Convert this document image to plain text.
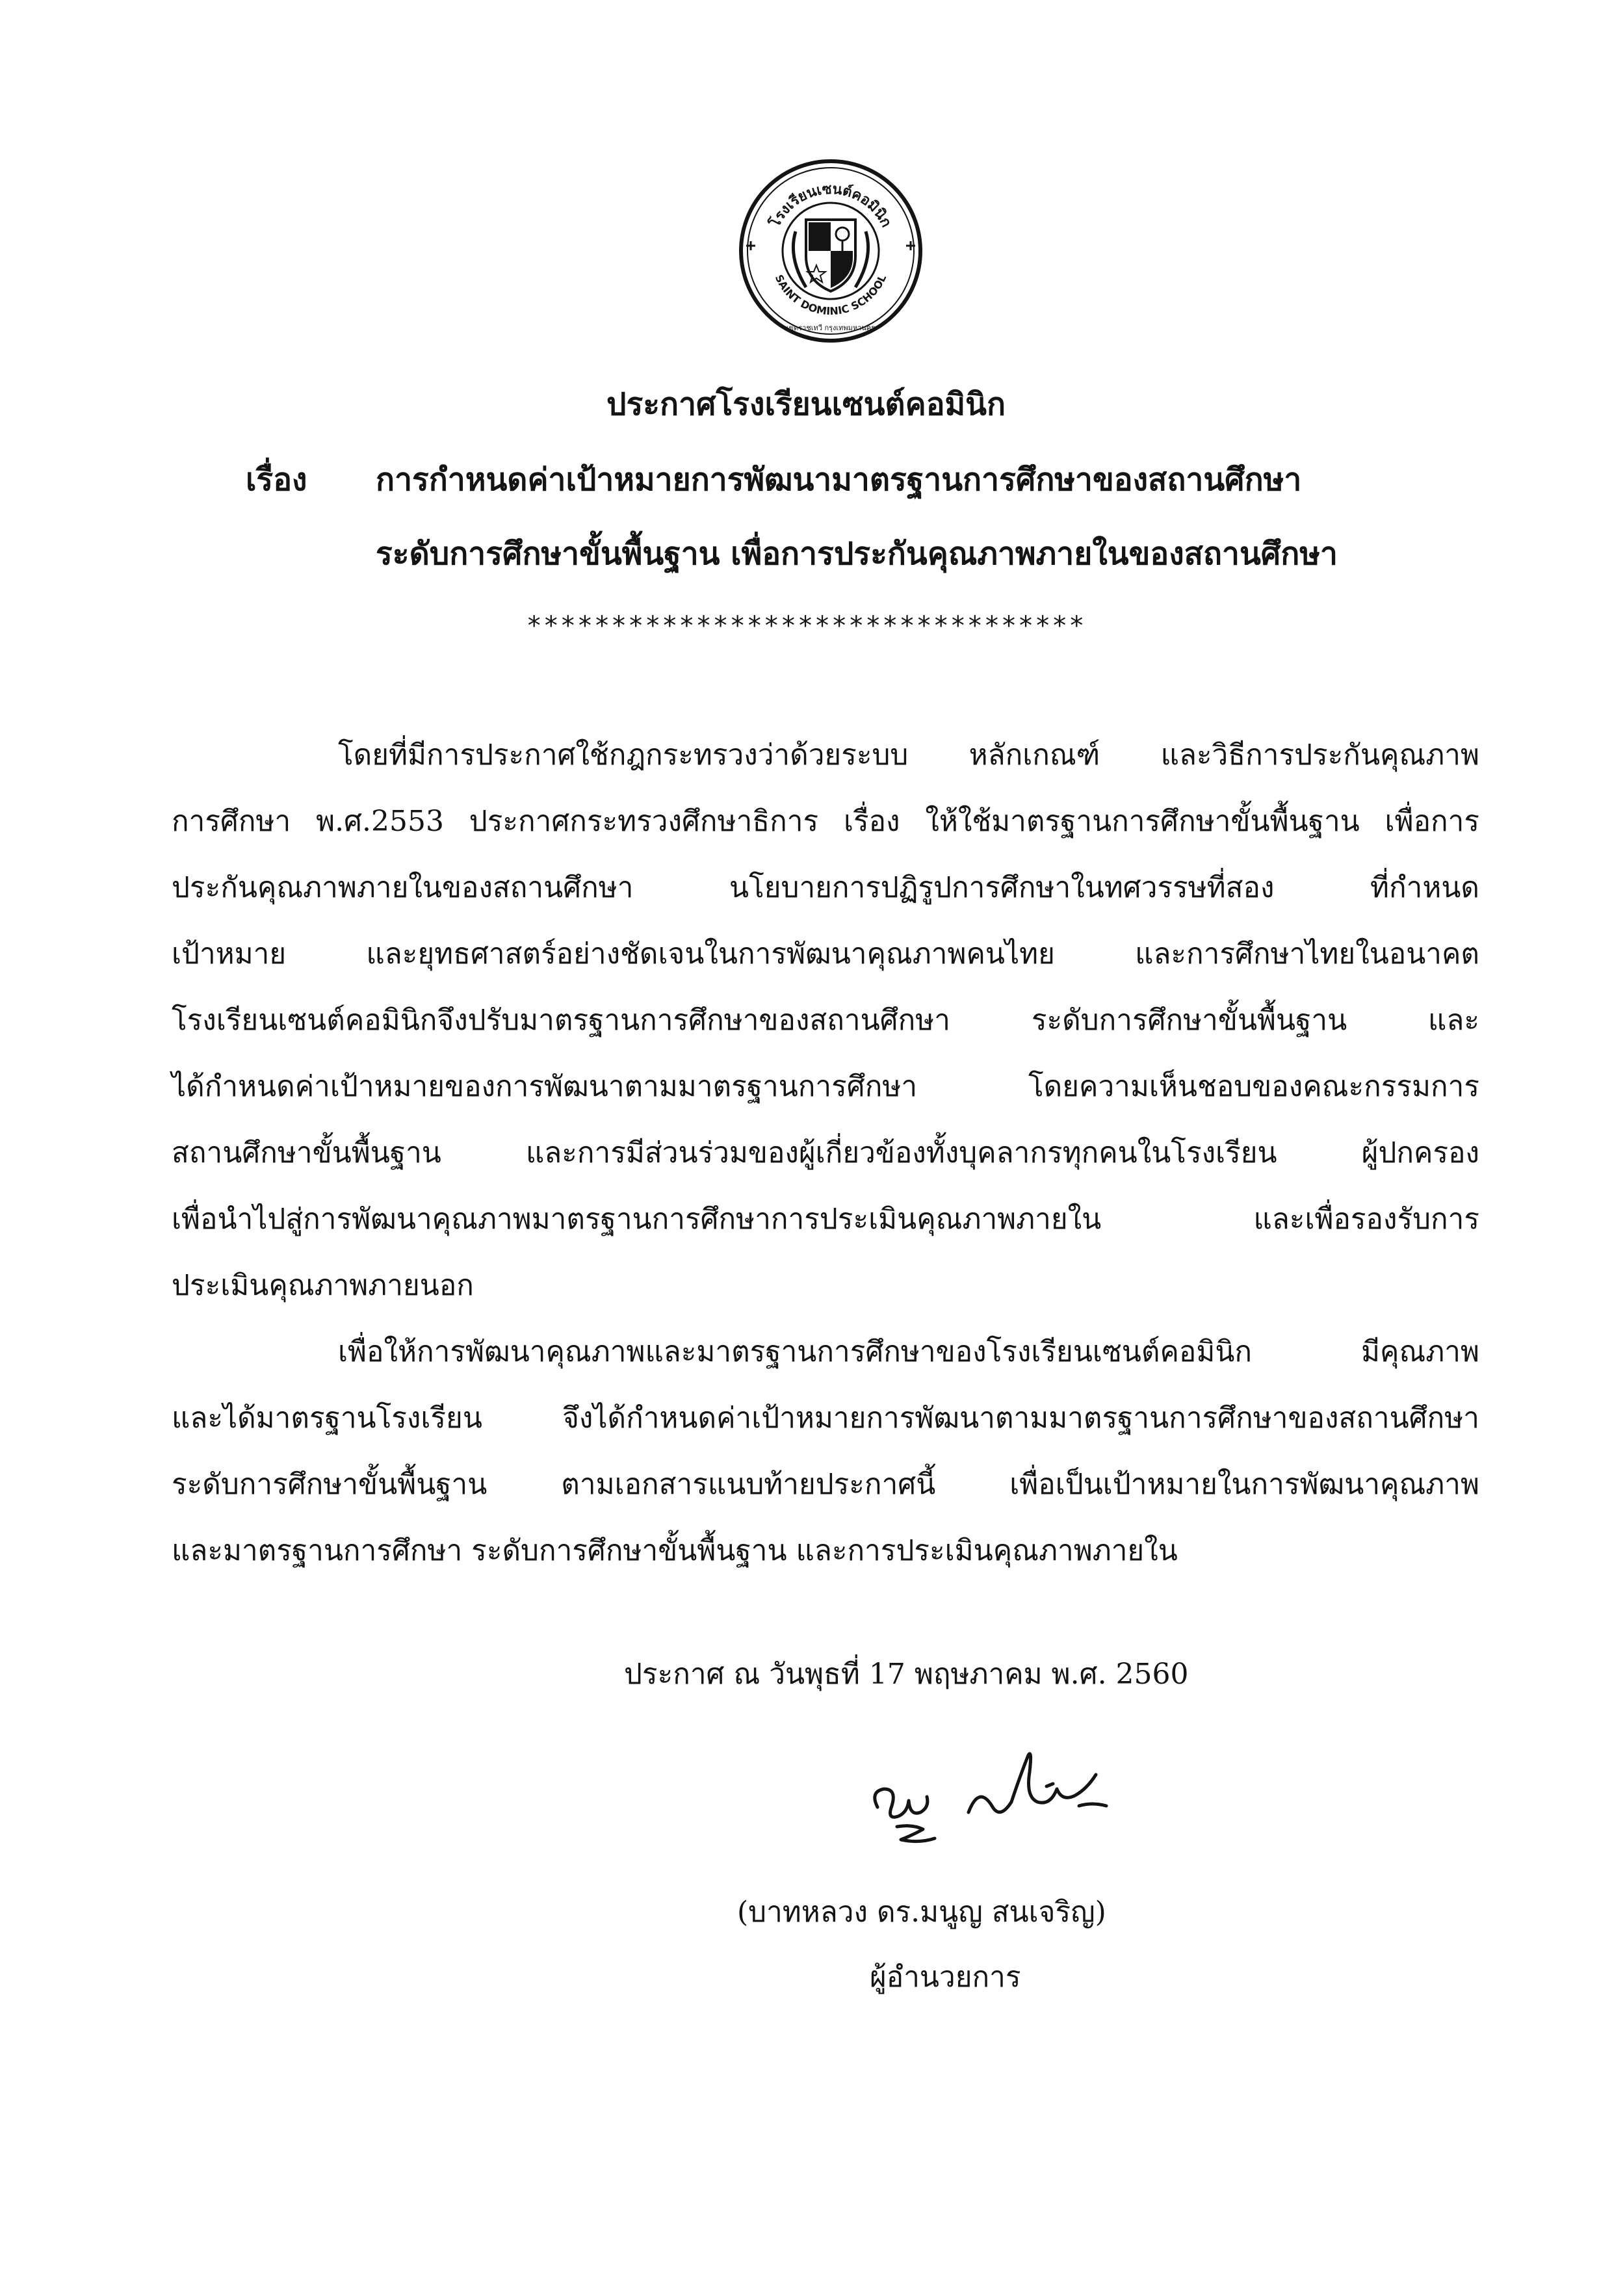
โรงเรียนเซนต์คอมินิก
SAINT DOMINIC SCHOOL
เขตราชเทวี กรุงเทพมหานคร
ประกาศโรงเรียนเซนต์คอมินิก
เรื่อง การกำหนดค่าเป้าหมายการพัฒนามาตรฐานการศึกษาของสถานศึกษา
ระดับการศึกษาขั้นพื้นฐาน เพื่อการประกันคุณภาพภายในของสถานศึกษา
*********************************
โดยที่มีการประกาศใช้กฎกระทรวงว่าด้วยระบบ หลักเกณฑ์ และวิธีการประกันคุณภาพ
การศึกษา พ.ศ.2553 ประกาศกระทรวงศึกษาธิการ เรื่อง ให้ใช้มาตรฐานการศึกษาขั้นพื้นฐาน เพื่อการ
ประกันคุณภาพภายในของสถานศึกษา นโยบายการปฏิรูปการศึกษาในทศวรรษที่สอง ที่กำหนด
เป้าหมาย และยุทธศาสตร์อย่างชัดเจนในการพัฒนาคุณภาพคนไทย และการศึกษาไทยในอนาคต
โรงเรียนเซนต์คอมินิกจึงปรับมาตรฐานการศึกษาของสถานศึกษา ระดับการศึกษาขั้นพื้นฐาน และ
ได้กำหนดค่าเป้าหมายของการพัฒนาตามมาตรฐานการศึกษา โดยความเห็นชอบของคณะกรรมการ
สถานศึกษาขั้นพื้นฐาน และการมีส่วนร่วมของผู้เกี่ยวข้องทั้งบุคลากรทุกคนในโรงเรียน ผู้ปกครอง
เพื่อนำไปสู่การพัฒนาคุณภาพมาตรฐานการศึกษาการประเมินคุณภาพภายใน และเพื่อรองรับการ
ประเมินคุณภาพภายนอก
เพื่อให้การพัฒนาคุณภาพและมาตรฐานการศึกษาของโรงเรียนเซนต์คอมินิก มีคุณภาพ
และได้มาตรฐานโรงเรียน จึงได้กำหนดค่าเป้าหมายการพัฒนาตามมาตรฐานการศึกษาของสถานศึกษา
ระดับการศึกษาขั้นพื้นฐาน ตามเอกสารแนบท้ายประกาศนี้ เพื่อเป็นเป้าหมายในการพัฒนาคุณภาพ
และมาตรฐานการศึกษา ระดับการศึกษาขั้นพื้นฐาน และการประเมินคุณภาพภายใน
ประกาศ ณ วันพุธที่ 17 พฤษภาคม พ.ศ. 2560
(บาทหลวง ดร.มนูญ สนเจริญ)
ผู้อำนวยการ
